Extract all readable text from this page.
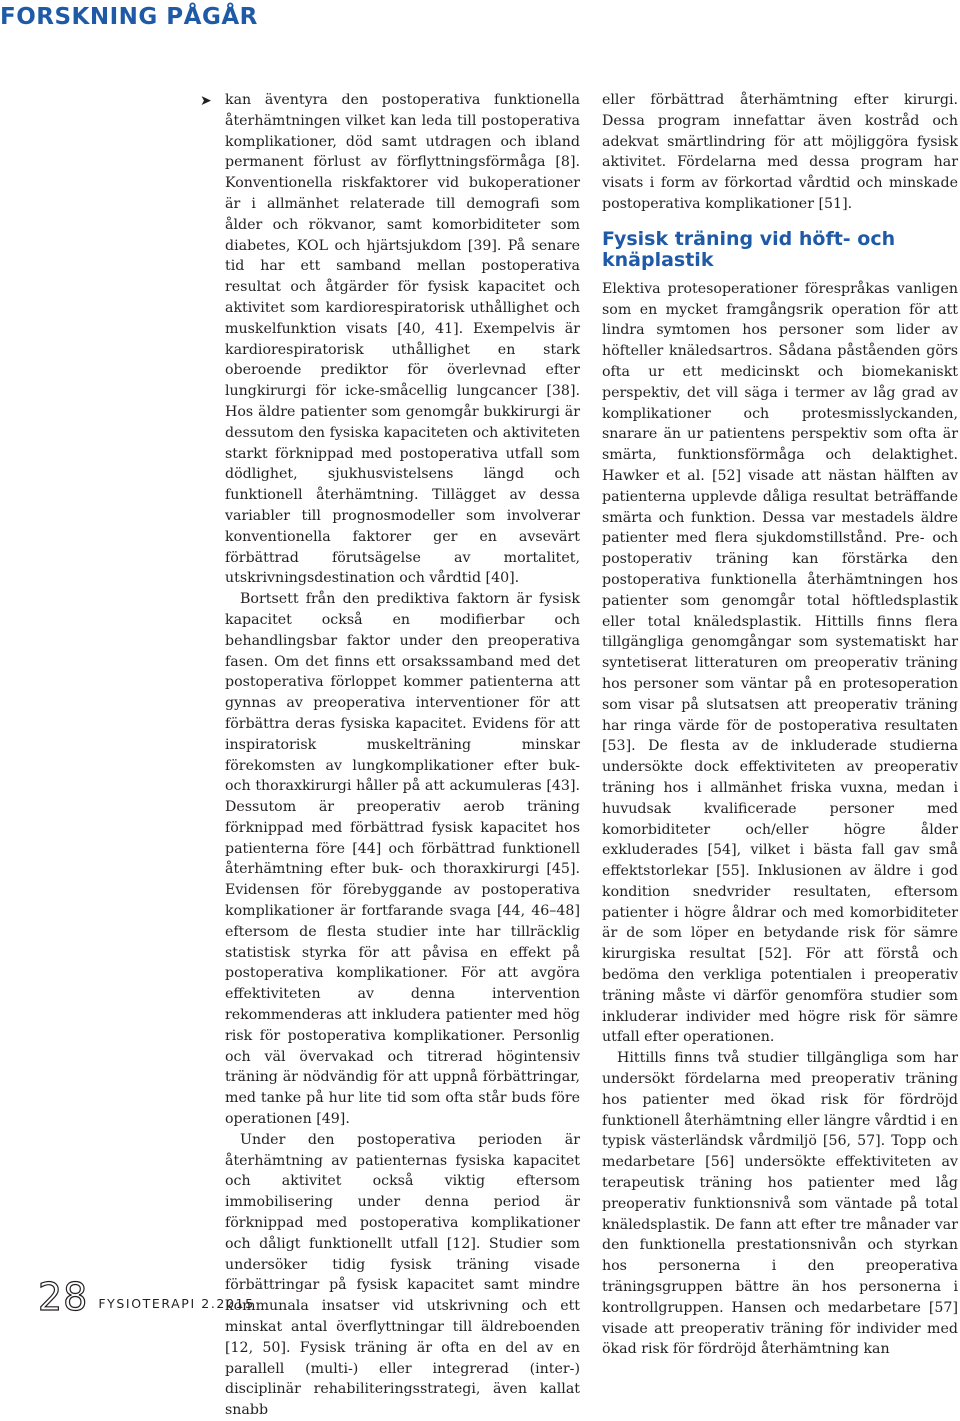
FORSKNING PÅGÅR
➤ kan äventyra den postoperativa funktionella återhämtningen vilket kan leda till postoperativa komplikationer, död samt utdragen och ibland permanent förlust av förflyttningsförmåga [8]. Konventionella riskfaktorer vid bukoperationer är i allmänhet relaterade till demografi som ålder och rökvanor, samt komorbiditeter som diabetes, KOL och hjärtsjukdom [39]. På senare tid har ett samband mellan postoperativa resultat och åtgärder för fysisk kapacitet och aktivitet som kardiorespiratorisk uthållighet och muskelfunktion visats [40, 41]. Exempelvis är kardiorespiratorisk uthållighet en stark oberoende prediktor för överlevnad efter lungkirurgi för icke-småcellig lungcancer [38]. Hos äldre patienter som genomgår bukkirurgi är dessutom den fysiska kapaciteten och aktiviteten starkt förknippad med postoperativa utfall som dödlighet, sjukhusvistelsens längd och funktionell återhämtning. Tillägget av dessa variabler till prognosmodeller som involverar konventionella faktorer ger en avsevärt förbättrad förutsägelse av mortalitet, utskrivningsdestination och vårdtid [40].

Bortsett från den prediktiva faktorn är fysisk kapacitet också en modifierbar och behandlingsbar faktor under den preoperativa fasen. Om det finns ett orsakssamband med det postoperativa förloppet kommer patienterna att gynnas av preoperativa interventioner för att förbättra deras fysiska kapacitet. Evidens för att inspiratorisk muskelträning minskar förekomsten av lungkomplikationer efter buk- och thoraxkirurgi håller på att ackumuleras [43]. Dessutom är preoperativ aerob träning förknippad med förbättrad fysisk kapacitet hos patienterna före [44] och förbättrad funktionell återhämtning efter buk- och thoraxkirurgi [45]. Evidensen för förebyggande av postoperativa komplikationer är fortfarande svaga [44, 46–48] eftersom de flesta studier inte har tillräcklig statistisk styrka för att påvisa en effekt på postoperativa komplikationer. För att avgöra effektiviteten av denna intervention rekommenderas att inkludera patienter med hög risk för postoperativa komplikationer. Personlig och väl övervakad och titrerad högintensiv träning är nödvändig för att uppnå förbättringar, med tanke på hur lite tid som ofta står buds före operationen [49].

Under den postoperativa perioden är återhämtning av patienternas fysiska kapacitet och aktivitet också viktig eftersom immobilisering under denna period är förknippad med postoperativa komplikationer och dåligt funktionellt utfall [12]. Studier som undersöker tidig fysisk träning visade förbättringar på fysisk kapacitet samt mindre kommunala insatser vid utskrivning och ett minskat antal överflyttningar till äldreboenden [12, 50]. Fysisk träning är ofta en del av en parallell (multi-) eller integrerad (inter-) disciplinär rehabiliteringsstrategi, även kallat snabb

eller förbättrad återhämtning efter kirurgi. Dessa program innefattar även kostråd och adekvat smärtlindring för att möjliggöra fysisk aktivitet. Fördelarna med dessa program har visats i form av förkortad vårdtid och minskade postoperativa komplikationer [51].

Fysisk träning vid höft- och knäplastik

Elektiva protesoperationer förespråkas vanligen som en mycket framgångsrik operation för att lindra symtomen hos personer som lider av höfteller knäledsartros. Sådana påståenden görs ofta ur ett medicinskt och biomekaniskt perspektiv, det vill säga i termer av låg grad av komplikationer och protesmisslyckanden, snarare än ur patientens perspektiv som ofta är smärta, funktionsförmåga och delaktighet. Hawker et al. [52] visade att nästan hälften av patienterna upplevde dåliga resultat beträffande smärta och funktion. Dessa var mestadels äldre patienter med flera sjukdomstillstånd. Pre- och postoperativ träning kan förstärka den postoperativa funktionella återhämtningen hos patienter som genomgår total höftledsplastik eller total knäledsplastik. Hittills finns flera tillgängliga genomgångar som systematiskt har syntetiserat litteraturen om preoperativ träning hos personer som väntar på en protesoperation som visar på slutsatsen att preoperativ träning har ringa värde för de postoperativa resultaten [53]. De flesta av de inkluderade studierna undersökte dock effektiviteten av preoperativ träning hos i allmänhet friska vuxna, medan i huvudsak kvalificerade personer med komorbiditeter och/eller högre ålder exkluderades [54], vilket i bästa fall gav små effektstorlekar [55]. Inklusionen av äldre i god kondition snedvrider resultaten, eftersom patienter i högre åldrar och med komorbiditeter är de som löper en betydande risk för sämre kirurgiska resultat [52]. För att förstå och bedöma den verkliga potentialen i preoperativ träning måste vi därför genomföra studier som inkluderar individer med högre risk för sämre utfall efter operationen.

Hittills finns två studier tillgängliga som har undersökt fördelarna med preoperativ träning hos patienter med ökad risk för fördröjd funktionell återhämtning eller längre vårdtid i en typisk västerländsk vårdmiljö [56, 57]. Topp och medarbetare [56] undersökte effektiviteten av terapeutisk träning hos patienter med låg preoperativ funktionsnivå som väntade på total knäledsplastik. De fann att efter tre månader var den funktionella prestationsnivån och styrkan hos personerna i den preoperativa träningsgruppen bättre än hos personerna i kontrollgruppen. Hansen och medarbetare [57] visade att preoperativ träning för individer med ökad risk för fördröjd återhämtning kan

28 FYSIOTERAPI 2.2015
